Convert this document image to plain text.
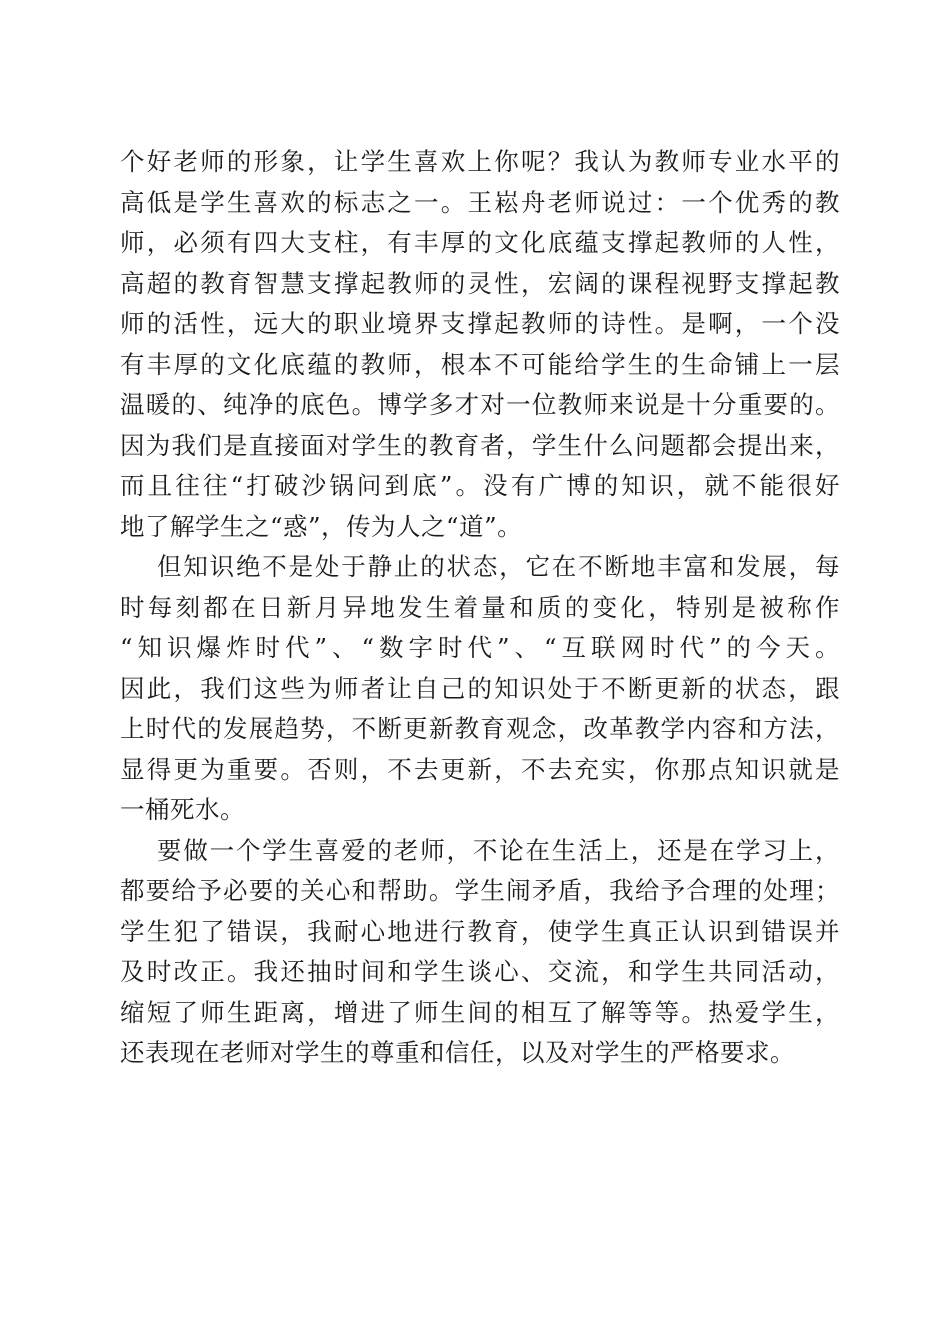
个好老师的形象，让学生喜欢上你呢？我认为教师专业水平的
高低是学生喜欢的标志之一。王崧舟老师说过：一个优秀的教
师，必须有四大支柱，有丰厚的文化底蕴支撑起教师的人性，
高超的教育智慧支撑起教师的灵性，宏阔的课程视野支撑起教
师的活性，远大的职业境界支撑起教师的诗性。是啊，一个没
有丰厚的文化底蕴的教师，根本不可能给学生的生命铺上一层
温暖的、纯净的底色。博学多才对一位教师来说是十分重要的。
因为我们是直接面对学生的教育者，学生什么问题都会提出来，
而且往往“打破沙锅问到底”。没有广博的知识，就不能很好
地了解学生之“惑”，传为人之“道”。
但知识绝不是处于静止的状态，它在不断地丰富和发展，每
时每刻都在日新月异地发生着量和质的变化，特别是被称作
“知识爆炸时代”、“数字时代”、“互联网时代”的今天。
因此，我们这些为师者让自己的知识处于不断更新的状态，跟
上时代的发展趋势，不断更新教育观念，改革教学内容和方法，
显得更为重要。否则，不去更新，不去充实，你那点知识就是
一桶死水。
要做一个学生喜爱的老师，不论在生活上，还是在学习上，
都要给予必要的关心和帮助。学生闹矛盾，我给予合理的处理；
学生犯了错误，我耐心地进行教育，使学生真正认识到错误并
及时改正。我还抽时间和学生谈心、交流，和学生共同活动，
缩短了师生距离，增进了师生间的相互了解等等。热爱学生，
还表现在老师对学生的尊重和信任，以及对学生的严格要求。
